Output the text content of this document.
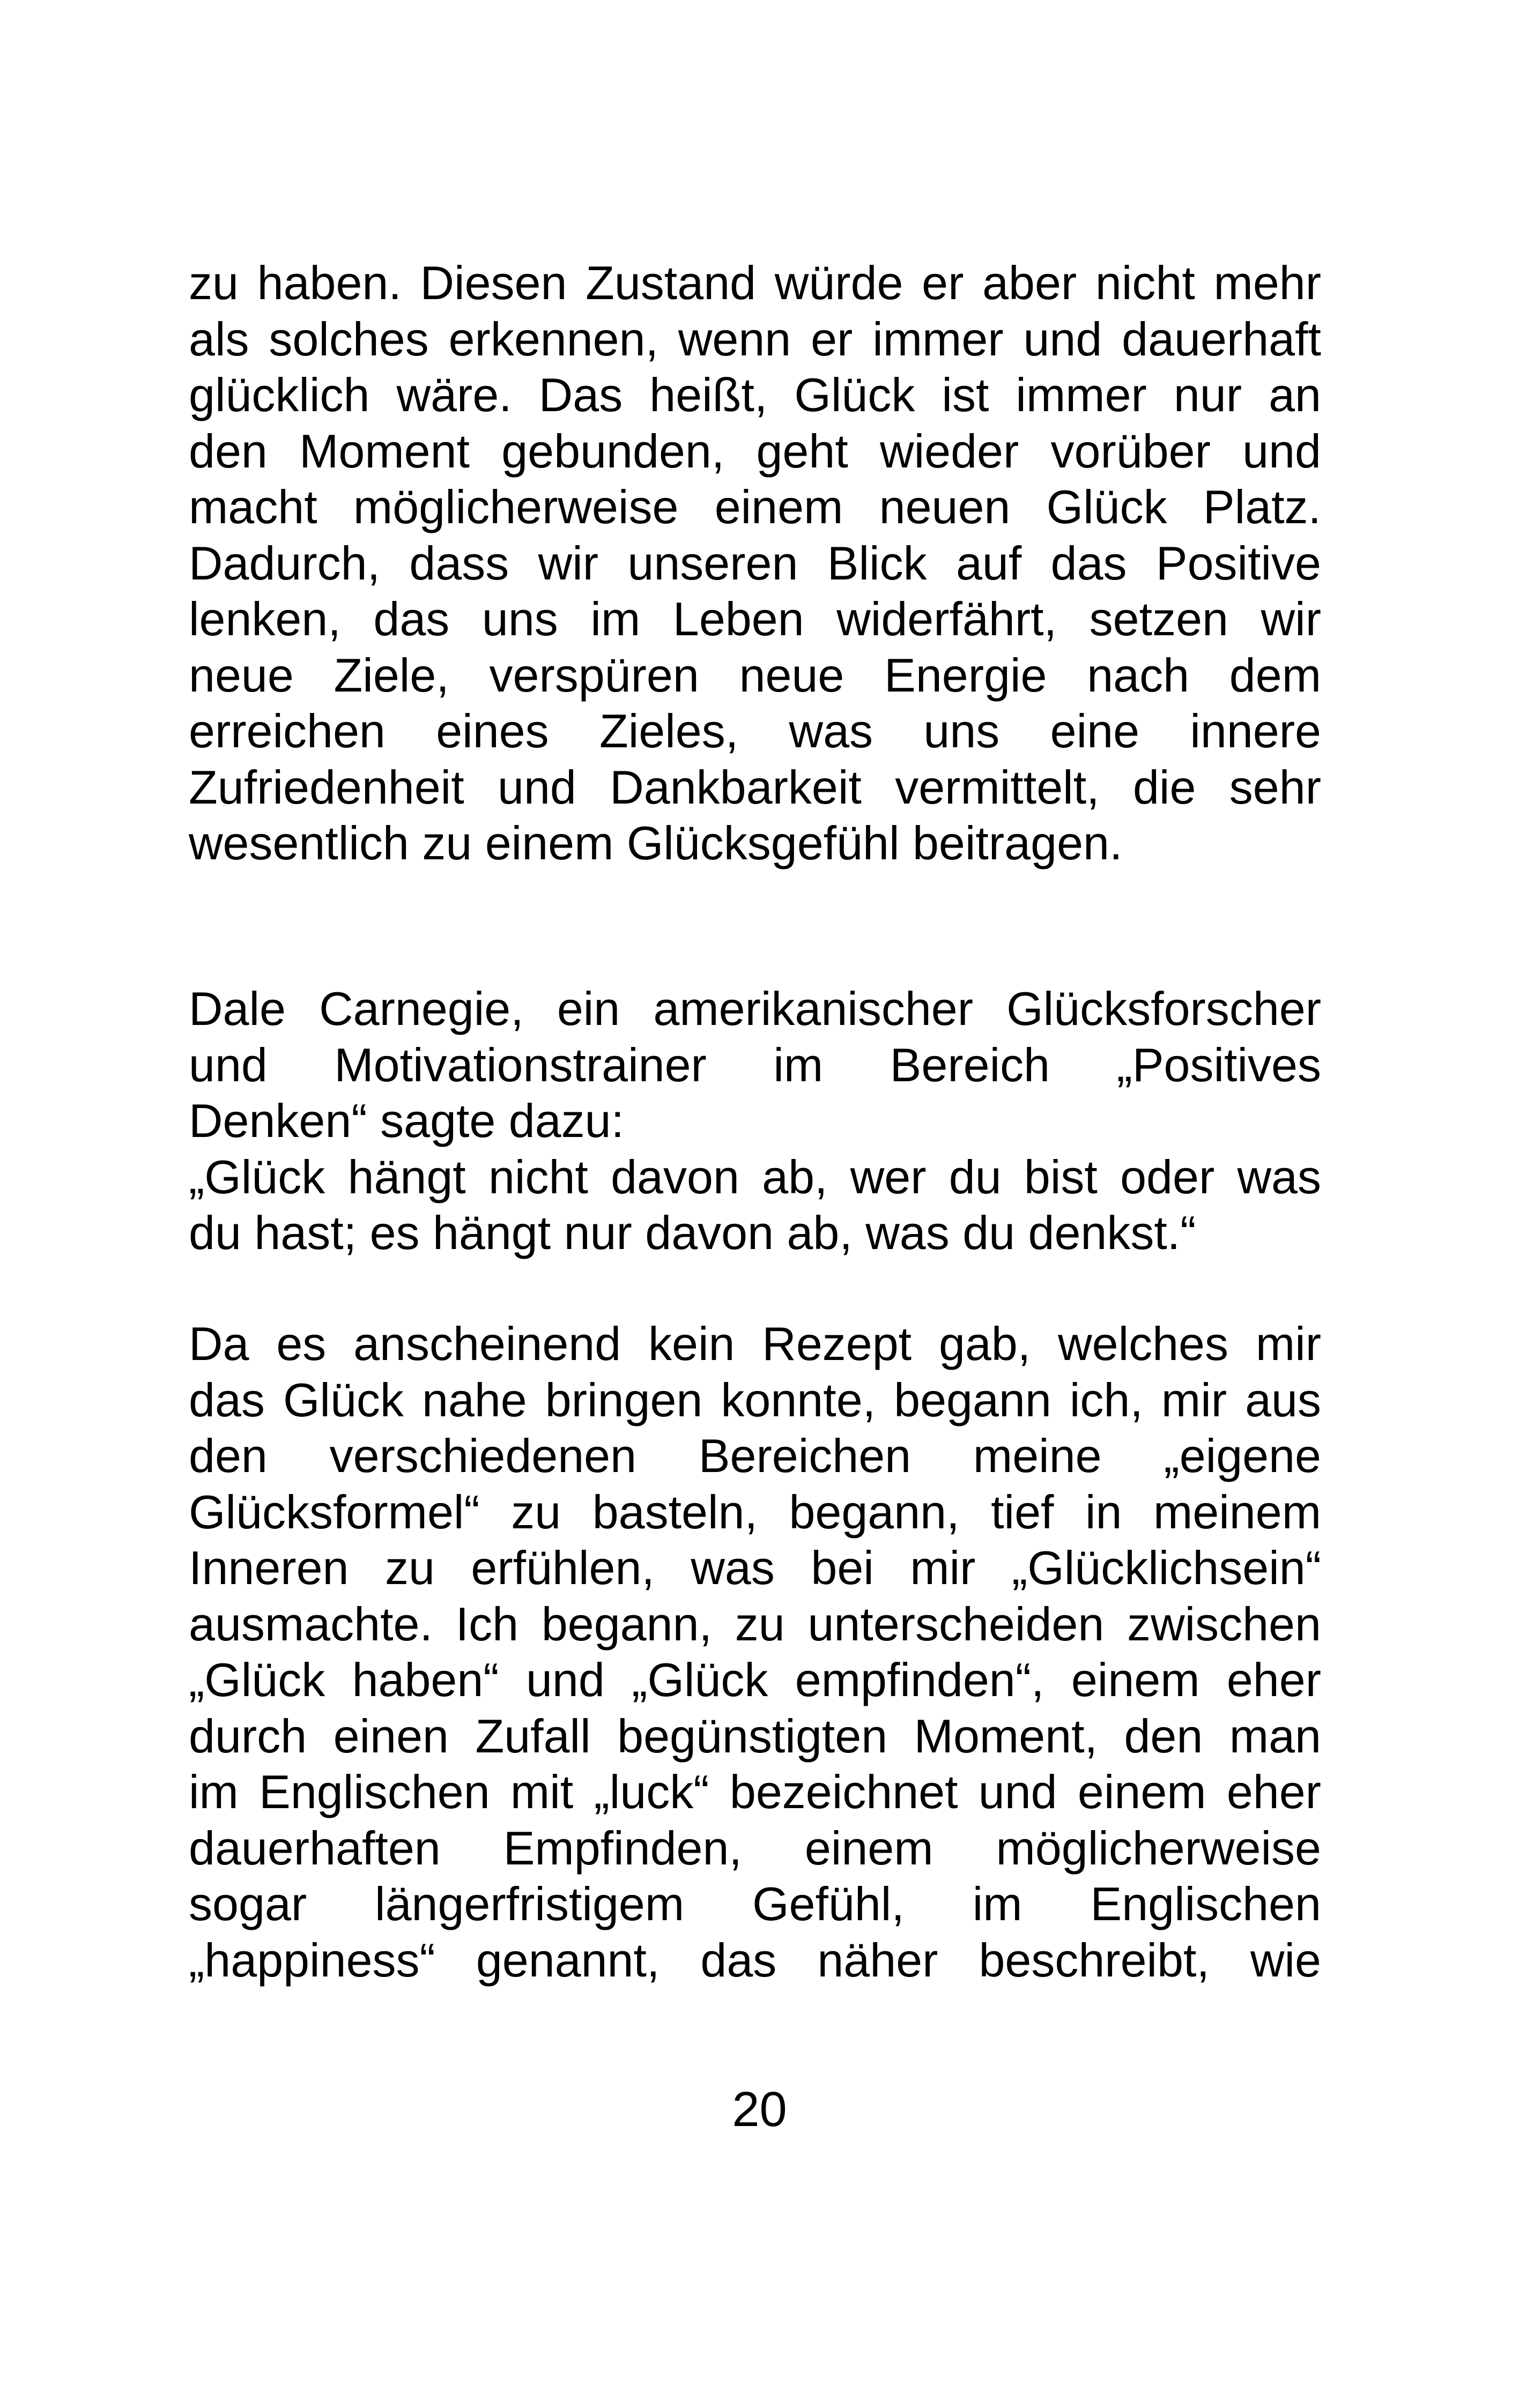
zu haben. Diesen Zustand würde er aber nicht mehr
als solches erkennen, wenn er immer und dauerhaft
glücklich wäre. Das heißt, Glück ist immer nur an
den Moment gebunden, geht wieder vorüber und
macht möglicherweise einem neuen Glück Platz.
Dadurch, dass wir unseren Blick auf das Positive
lenken, das uns im Leben widerfährt, setzen wir
neue Ziele, verspüren neue Energie nach dem
erreichen eines Zieles, was uns eine innere
Zufriedenheit und Dankbarkeit vermittelt, die sehr
wesentlich zu einem Glücksgefühl beitragen.
Dale Carnegie, ein amerikanischer Glücksforscher
und Motivationstrainer im Bereich „Positives
Denken“ sagte dazu:
„Glück hängt nicht davon ab, wer du bist oder was
du hast; es hängt nur davon ab, was du denkst.“
Da es anscheinend kein Rezept gab, welches mir
das Glück nahe bringen konnte, begann ich, mir aus
den verschiedenen Bereichen meine „eigene
Glücksformel“ zu basteln, begann, tief in meinem
Inneren zu erfühlen, was bei mir „Glücklichsein“
ausmachte. Ich begann, zu unterscheiden zwischen
„Glück haben“ und „Glück empfinden“, einem eher
durch einen Zufall begünstigten Moment, den man
im Englischen mit „luck“ bezeichnet und einem eher
dauerhaften Empfinden, einem möglicherweise
sogar längerfristigem Gefühl, im Englischen
„happiness“ genannt, das näher beschreibt, wie
20
